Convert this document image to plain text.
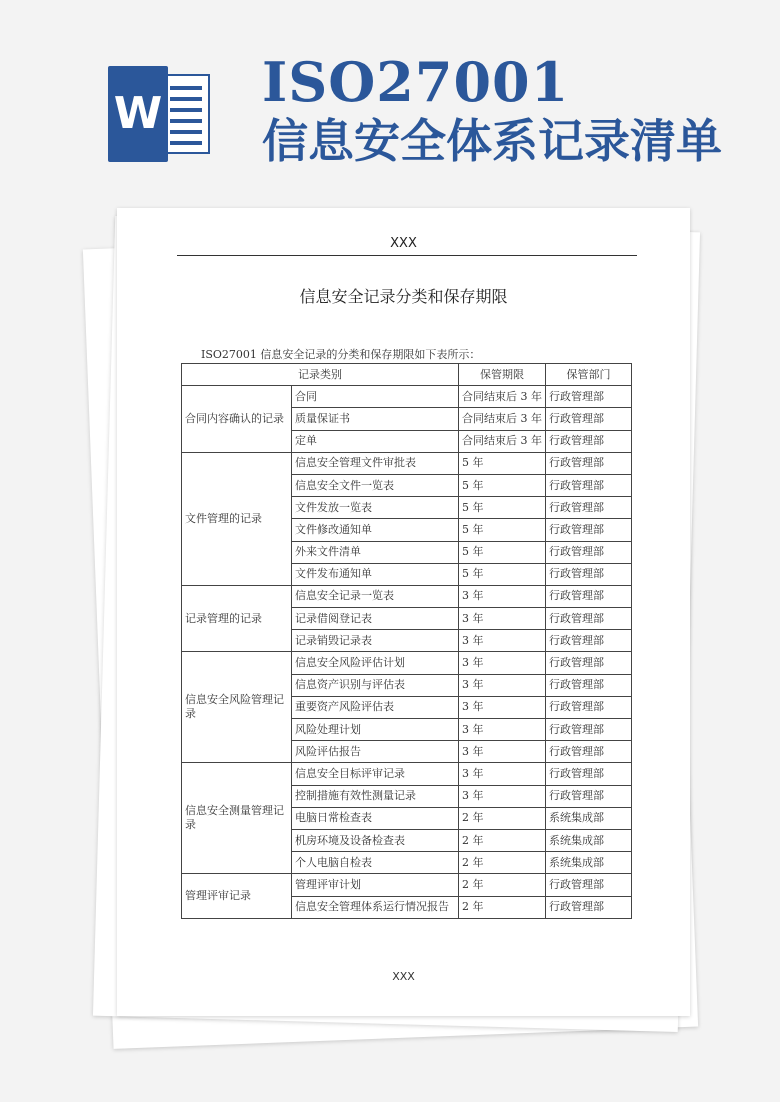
W ISO27001
信息安全体系记录清单
XXX
信息安全记录分类和保存期限
ISO27001 信息安全记录的分类和保存期限如下表所示：
记录类别		保管期限	保管部门
合同内容确认的记录	合同	合同结束后 3 年	行政管理部
	质量保证书	合同结束后 3 年	行政管理部
	定单	合同结束后 3 年	行政管理部
文件管理的记录	信息安全管理文件审批表	5 年	行政管理部
	信息安全文件一览表	5 年	行政管理部
	文件发放一览表	5 年	行政管理部
	文件修改通知单	5 年	行政管理部
	外来文件清单	5 年	行政管理部
	文件发布通知单	5 年	行政管理部
记录管理的记录	信息安全记录一览表	3 年	行政管理部
	记录借阅登记表	3 年	行政管理部
	记录销毁记录表	3 年	行政管理部
信息安全风险管理记录	信息安全风险评估计划	3 年	行政管理部
	信息资产识别与评估表	3 年	行政管理部
	重要资产风险评估表	3 年	行政管理部
	风险处理计划	3 年	行政管理部
	风险评估报告	3 年	行政管理部
信息安全测量管理记录	信息安全目标评审记录	3 年	行政管理部
	控制措施有效性测量记录	3 年	行政管理部
	电脑日常检查表	2 年	系统集成部
	机房环境及设备检查表	2 年	系统集成部
	个人电脑自检表	2 年	系统集成部
管理评审记录	管理评审计划	2 年	行政管理部
	信息安全管理体系运行情况报告	2 年	行政管理部
XXX
